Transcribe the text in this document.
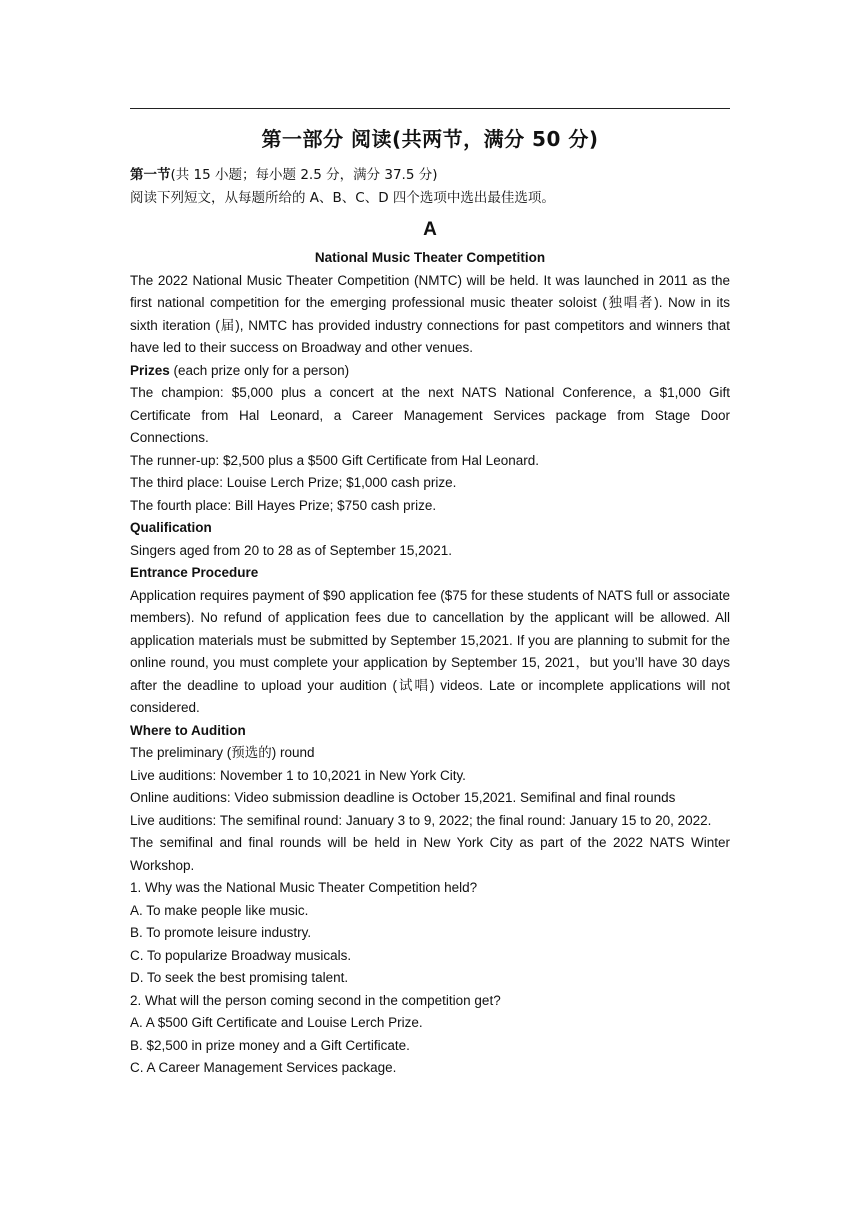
第一部分 阅读(共两节，满分 50 分)

第一节(共 15 小题；每小题 2.5 分，满分 37.5 分)

阅读下列短文，从每题所给的 A、B、C、D 四个选项中选出最佳选项。

A

National Music Theater Competition

The 2022 National Music Theater Competition (NMTC) will be held. It was launched in 2011 as the first national competition for the emerging professional music theater soloist (独唱者). Now in its sixth iteration (届), NMTC has provided industry connections for past competitors and winners that have led to their success on Broadway and other venues.

Prizes (each prize only for a person)

The champion: $5,000 plus a concert at the next NATS National Conference, a $1,000 Gift Certificate from Hal Leonard, a Career Management Services package from Stage Door Connections.

The runner-up: $2,500 plus a $500 Gift Certificate from Hal Leonard.

The third place: Louise Lerch Prize; $1,000 cash prize.

The fourth place: Bill Hayes Prize; $750 cash prize.

Qualification

Singers aged from 20 to 28 as of September 15,2021.

Entrance Procedure

Application requires payment of $90 application fee ($75 for these students of NATS full or associate members). No refund of application fees due to cancellation by the applicant will be allowed. All application materials must be submitted by September 15,2021. If you are planning to submit for the online round, you must complete your application by September 15, 2021，but you’ll have 30 days after the deadline to upload your audition (试唱) videos. Late or incomplete applications will not considered.

Where to Audition

The preliminary (预选的) round

Live auditions: November 1 to 10,2021 in New York City.

Online auditions: Video submission deadline is October 15,2021. Semifinal and final rounds

Live auditions: The semifinal round: January 3 to 9, 2022; the final round: January 15 to 20, 2022.

The semifinal and final rounds will be held in New York City as part of the 2022 NATS Winter Workshop.

1. Why was the National Music Theater Competition held?

A. To make people like music.

B. To promote leisure industry.

C. To popularize Broadway musicals.

D. To seek the best promising talent.

2. What will the person coming second in the competition get?

A. A $500 Gift Certificate and Louise Lerch Prize.

B. $2,500 in prize money and a Gift Certificate.

C. A Career Management Services package.
